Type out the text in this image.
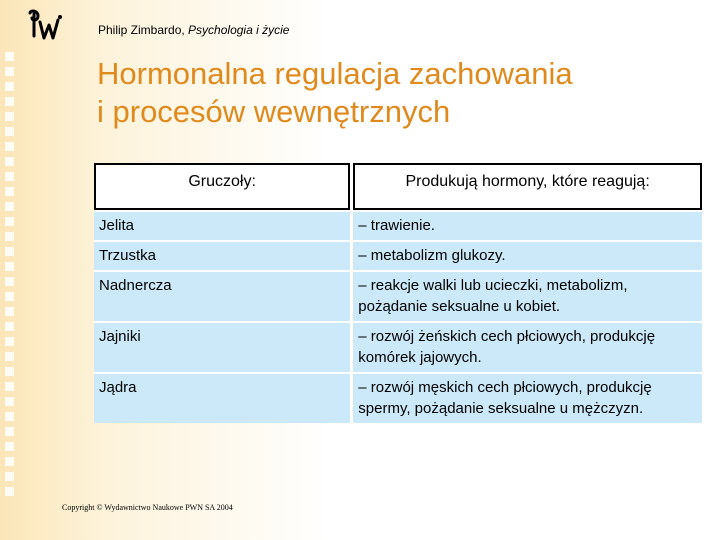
Philip Zimbardo, Psychologia i życie
Hormonalna regulacja zachowania
i procesów wewnętrznych
Gruczoły:	Produkują hormony, które reagują:
Jelita	– trawienie.
Trzustka	– metabolizm glukozy.
Nadnercza	– reakcje walki lub ucieczki, metabolizm, pożądanie seksualne u kobiet.
Jajniki	– rozwój żeńskich cech płciowych, produkcję komórek jajowych.
Jądra	– rozwój męskich cech płciowych, produkcję spermy, pożądanie seksualne u mężczyzn.
Copyright © Wydawnictwo Naukowe PWN SA 2004
